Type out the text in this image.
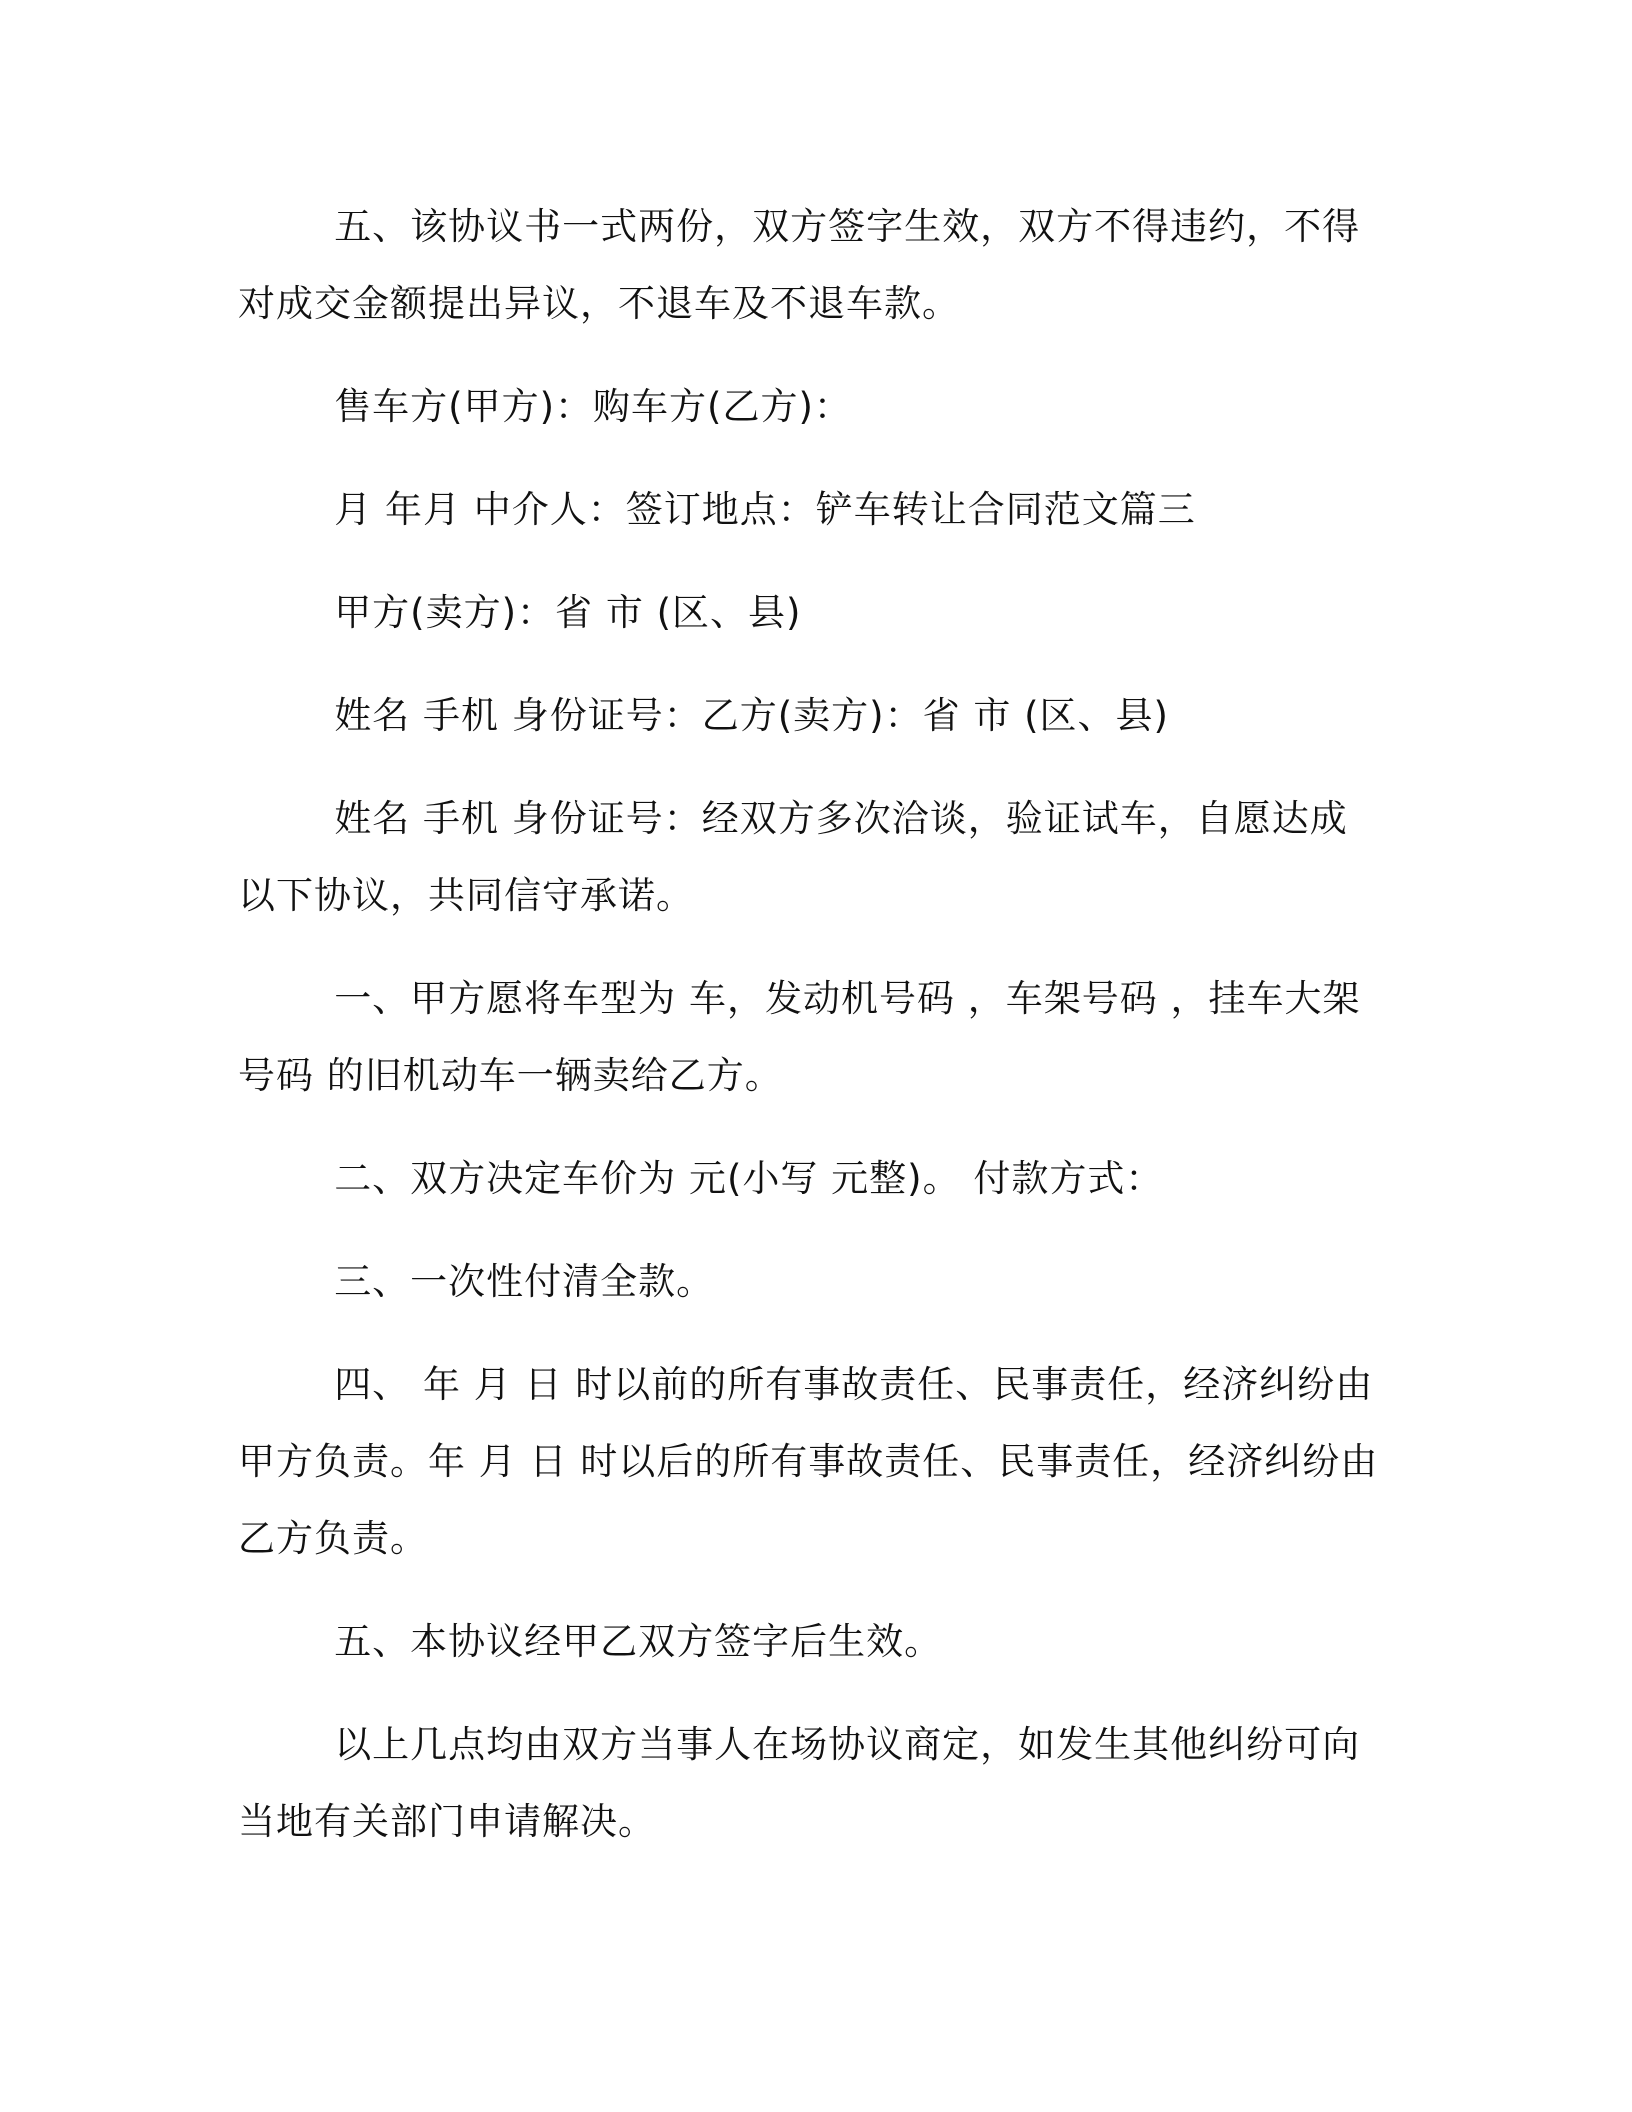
五、该协议书一式两份，双方签字生效，双方不得违约，不得对成交金额提出异议，不退车及不退车款。

售车方(甲方)：购车方(乙方)：

月 年月 中介人：签订地点：铲车转让合同范文篇三

甲方(卖方)：省 市 (区、县)

姓名 手机 身份证号：乙方(卖方)：省 市 (区、县)

姓名 手机 身份证号：经双方多次洽谈，验证试车，自愿达成以下协议，共同信守承诺。

一、甲方愿将车型为 车，发动机号码 ，车架号码 ，挂车大架号码 的旧机动车一辆卖给乙方。

二、双方决定车价为 元(小写 元整)。 付款方式：

三、一次性付清全款。

四、 年 月 日 时以前的所有事故责任、民事责任，经济纠纷由甲方负责。年 月 日 时以后的所有事故责任、民事责任，经济纠纷由乙方负责。

五、本协议经甲乙双方签字后生效。

以上几点均由双方当事人在场协议商定，如发生其他纠纷可向当地有关部门申请解决。
